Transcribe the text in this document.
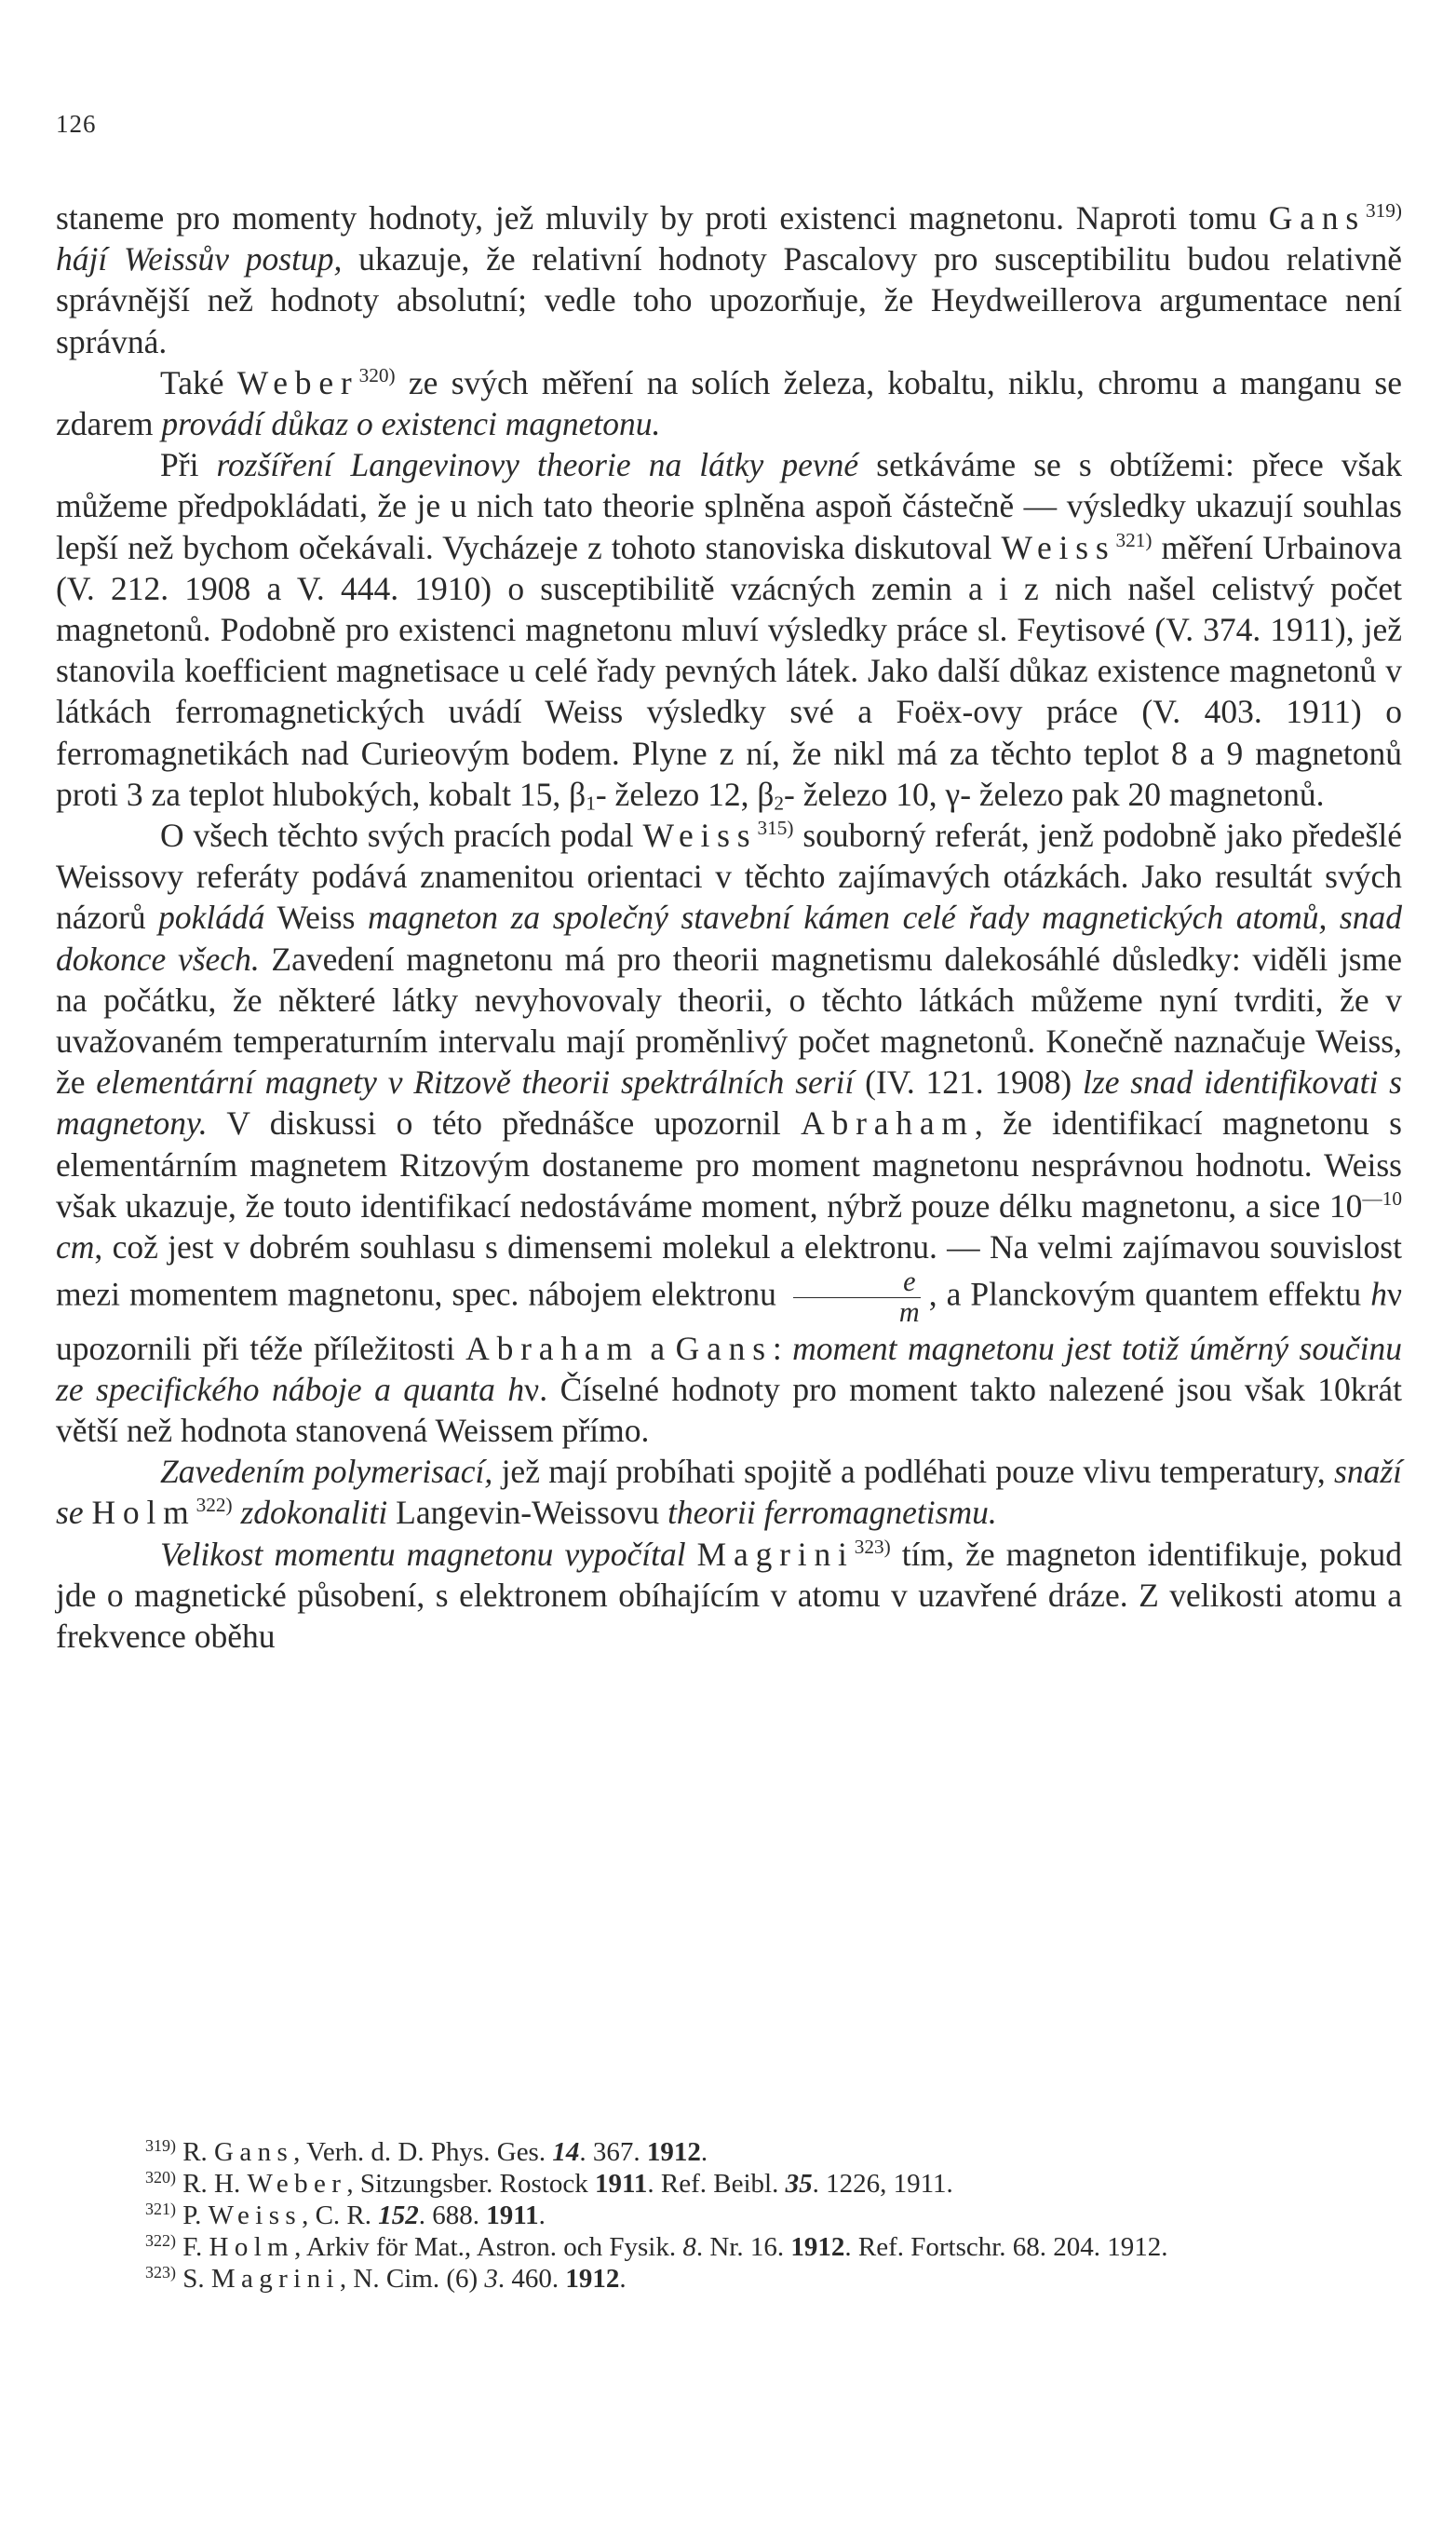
126

staneme pro momenty hodnoty, jež mluvily by proti existenci magnetonu. Naproti tomu Gans$^{319)}$ hájí Weissův postup, ukazuje, že relativní hodnoty Pascalovy pro susceptibilitu budou relativně správnější než hodnoty absolutní; vedle toho upozorňuje, že Heydweillerova argumentace není správná.

Také Weber$^{320)}$ ze svých měření na solích železa, kobaltu, niklu, chromu a manganu se zdarem provádí důkaz o existenci magnetonu.

Při rozšíření Langevinovy theorie na látky pevné setkáváme se s obtížemi: přece však můžeme předpokládati, že je u nich tato theorie splněna aspoň částečně — výsledky ukazují souhlas lepší než bychom očekávali. Vycházeje z tohoto stanoviska diskutoval Weiss$^{321)}$ měření Urbainova (V. 212. 1908 a V. 444. 1910) o susceptibilitě vzácných zemin a i z nich našel celistvý počet magnetonů. Podobně pro existenci magnetonu mluví výsledky práce sl. Feytisové (V. 374. 1911), jež stanovila koefficient magnetisace u celé řady pevných látek. Jako další důkaz existence magnetonů v látkách ferromagnetických uvádí Weiss výsledky své a Foëx-ovy práce (V. 403. 1911) o ferromagnetikách nad Curieovým bodem. Plyne z ní, že nikl má za těchto teplot 8 a 9 magnetonů proti 3 za teplot hlubokých, kobalt 15, $\beta_1-$ železo 12, $\beta_2-$ železo 10, γ- železo pak 20 magnetonů.

O všech těchto svých pracích podal Weiss$^{315)}$ souborný referát, jenž podobně jako předešlé Weissovy referáty podává znamenitou orientaci v těchto zajímavých otázkách. Jako resultát svých názorů pokládá Weiss magneton za společný stavební kámen celé řady magnetických atomů, snad dokonce všech. Zavedení magnetonu má pro theorii magnetismu dalekosáhlé důsledky: viděli jsme na počátku, že některé látky nevyhovovaly theorii, o těchto látkách můžeme nyní tvrditi, že v uvažovaném temperaturním intervalu mají proměnlivý počet magnetonů. Konečně naznačuje Weiss, že elementární magnety v Ritzově theorii spektrálních serií (IV. 121. 1908) lze snad identifikovati s magnetony. V diskussi o této přednášce upozornil Abraham, že identifikací magnetonu s elementárním magnetem Ritzovým dostaneme pro moment magnetonu nesprávnou hodnotu. Weiss však ukazuje, že touto identifikací nedostáváme moment, nýbrž pouze délku magnetonu, a sice $10^{—10}$ cm, což jest v dobrém souhlasu s dimensemi molekul a elektronu. — Na velmi zajímavou souvislost mezi momentem magnetonu, spec. nábojem elektronu $\frac{e}{m}$ , a Planckovým quantem effektu hν upozornili při téže příležitosti Abraham a Gans: moment magnetonu jest totiž úměrný součinu ze specifického náboje a quanta hν. Číselné hodnoty pro moment takto nalezené jsou však 10krát větší než hodnota stanovená Weissem přímo.

Zavedením polymerisací, jež mají probíhati spojitě a podléhati pouze vlivu temperatury, snaží se Holm$^{322)}$ zdokonaliti Langevin-Weissovu theorii ferromagnetismu.

Velikost momentu magnetonu vypočítal Magrini$^{323)}$ tím, že magneton identifikuje, pokud jde o magnetické působení, s elektronem obíhajícím v atomu v uzavřené dráze. Z velikosti atomu a frekvence oběhu

$^{319)}$ R. Gans, Verh. d. D. Phys. Ges. 14. 367. 1912.

$^{320)}$ R. H. Weber, Sitzungsber. Rostock 1911. Ref. Beibl. 35. 1226, 1911.

$^{321)}$ P. Weiss, C. R. 152. 688. 1911.

$^{322)}$ F. Holm, Arkiv för Mat., Astron. och Fysik. 8. Nr. 16. 1912. Ref. Fortschr. 68. 204. 1912.

$^{323)}$ S. Magrini, N. Cim. (6) 3. 460. 1912.
